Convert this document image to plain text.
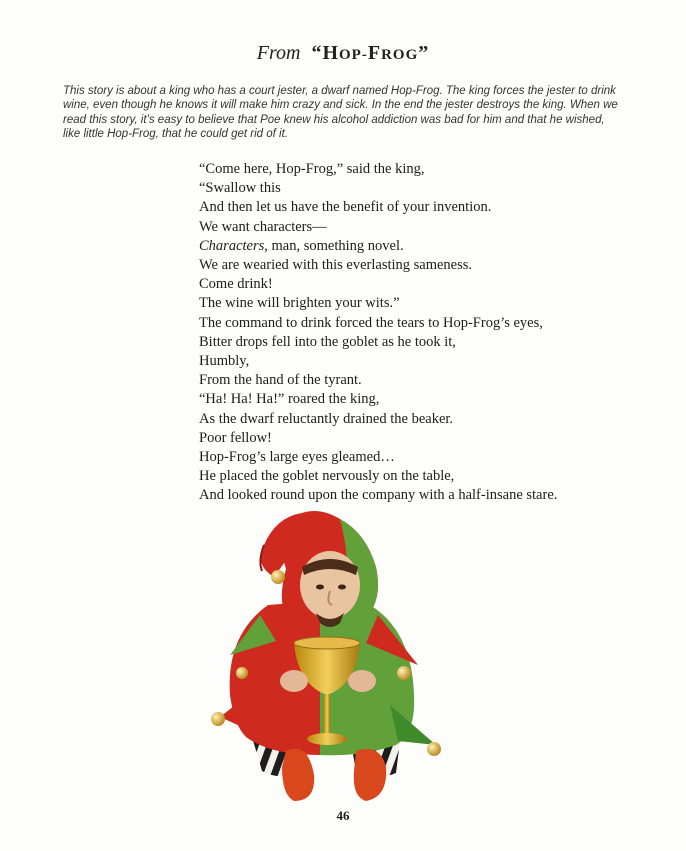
From “HOP-FROG”
This story is about a king who has a court jester, a dwarf named Hop-Frog. The king forces the jester to drink wine, even though he knows it will make him crazy and sick. In the end the jester destroys the king. When we read this story, it’s easy to believe that Poe knew his alcohol addiction was bad for him and that he wished, like little Hop-Frog, that he could get rid of it.
“Come here, Hop-Frog,” said the king,
“Swallow this
And then let us have the benefit of your invention.
We want characters—
Characters, man, something novel.
We are wearied with this everlasting sameness.
Come drink!
The wine will brighten your wits.”
The command to drink forced the tears to Hop-Frog’s eyes,
Bitter drops fell into the goblet as he took it,
Humbly,
From the hand of the tyrant.
“Ha! Ha! Ha!” roared the king,
As the dwarf reluctantly drained the beaker.
Poor fellow!
Hop-Frog’s large eyes gleamed…
He placed the goblet nervously on the table,
And looked round upon the company with a half-insane stare.
46
